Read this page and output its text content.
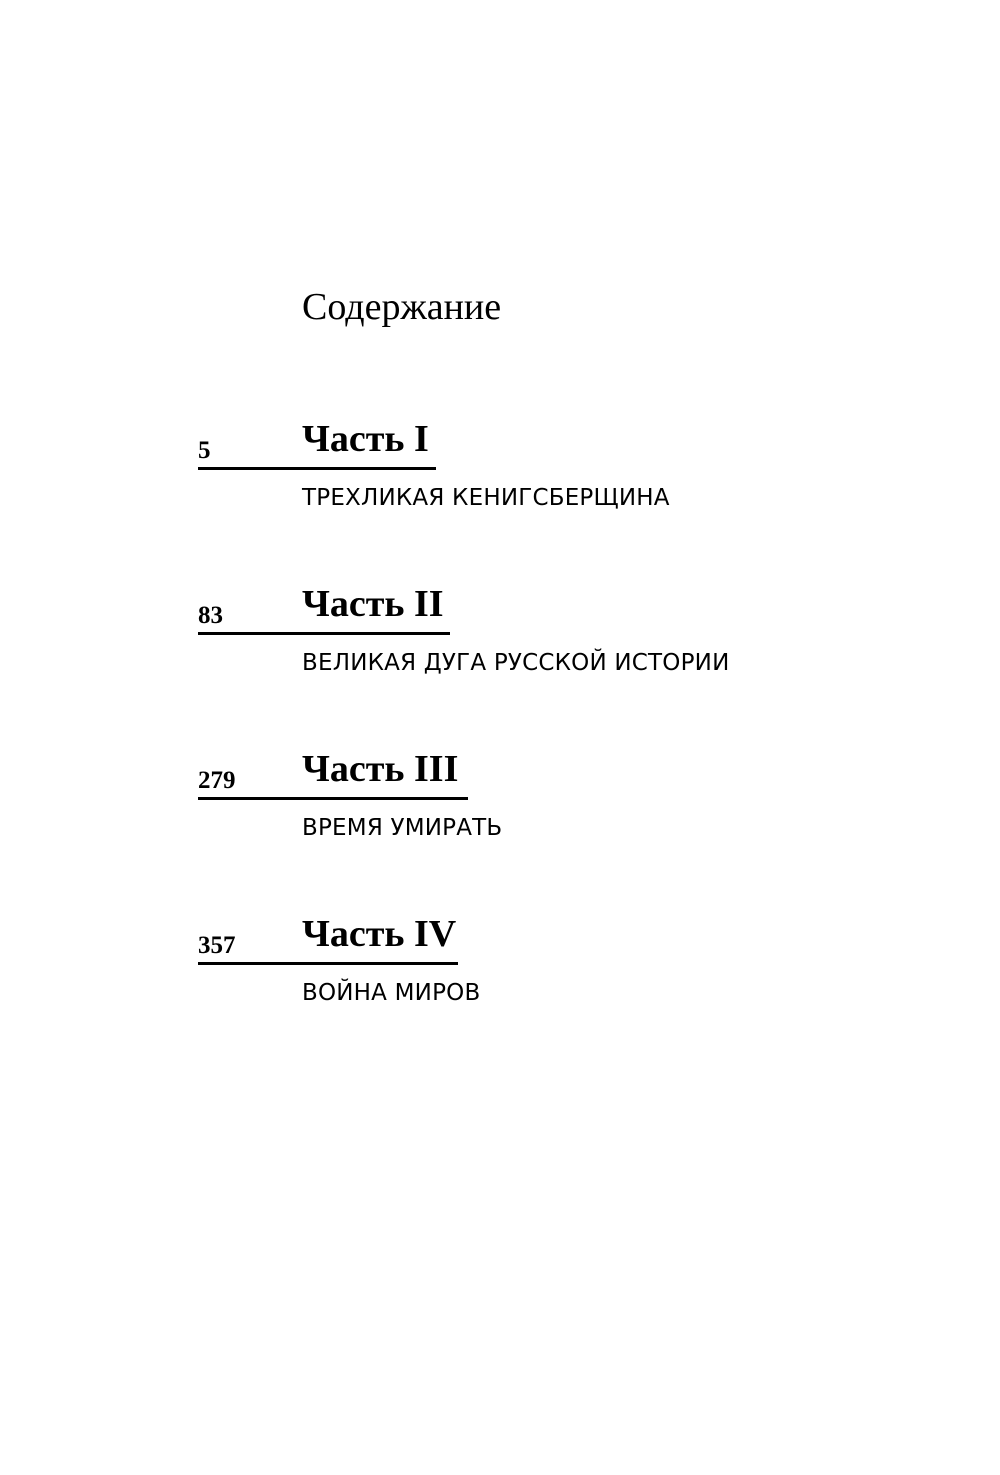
Содержание
5 Часть I
ТРЕХЛИКАЯ КЕНИГСБЕРЩИНА
83 Часть II
ВЕЛИКАЯ ДУГА РУССКОЙ ИСТОРИИ
279 Часть III
ВРЕМЯ УМИРАТЬ
357 Часть IV
ВОЙНА МИРОВ
